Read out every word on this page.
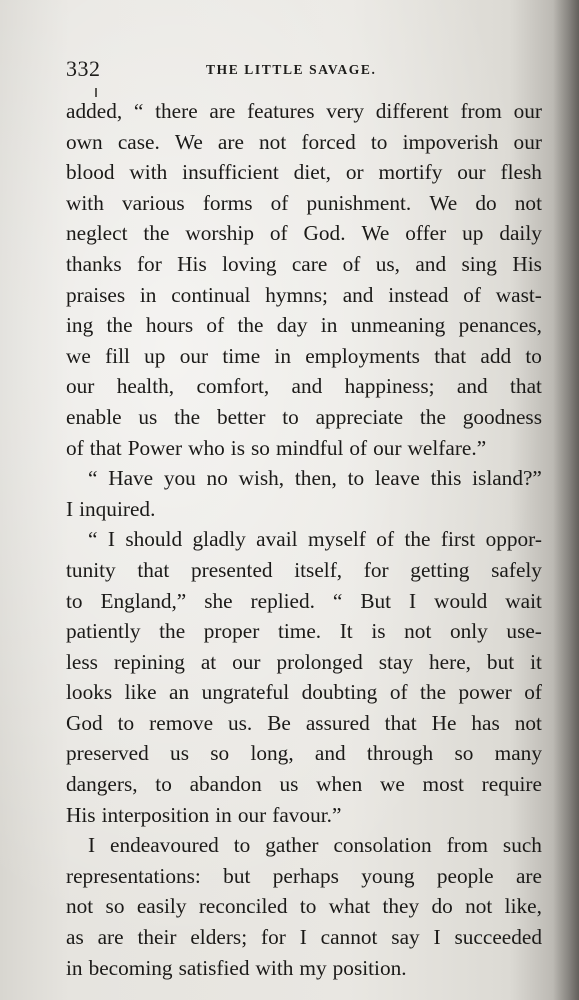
332	THE LITTLE SAVAGE.
added, “ there are features very different from our
own case. We are not forced to impoverish our
blood with insufficient diet, or mortify our flesh
with various forms of punishment. We do not
neglect the worship of God. We offer up daily
thanks for His loving care of us, and sing His
praises in continual hymns; and instead of wast-
ing the hours of the day in unmeaning penances,
we fill up our time in employments that add to
our health, comfort, and happiness; and that
enable us the better to appreciate the goodness
of that Power who is so mindful of our welfare.”
“ Have you no wish, then, to leave this island?”
I inquired.
“ I should gladly avail myself of the first oppor-
tunity that presented itself, for getting safely
to England,” she replied. “ But I would wait
patiently the proper time. It is not only use-
less repining at our prolonged stay here, but it
looks like an ungrateful doubting of the power of
God to remove us. Be assured that He has not
preserved us so long, and through so many
dangers, to abandon us when we most require
His interposition in our favour.”
I endeavoured to gather consolation from such
representations: but perhaps young people are
not so easily reconciled to what they do not like,
as are their elders; for I cannot say I succeeded
in becoming satisfied with my position.
